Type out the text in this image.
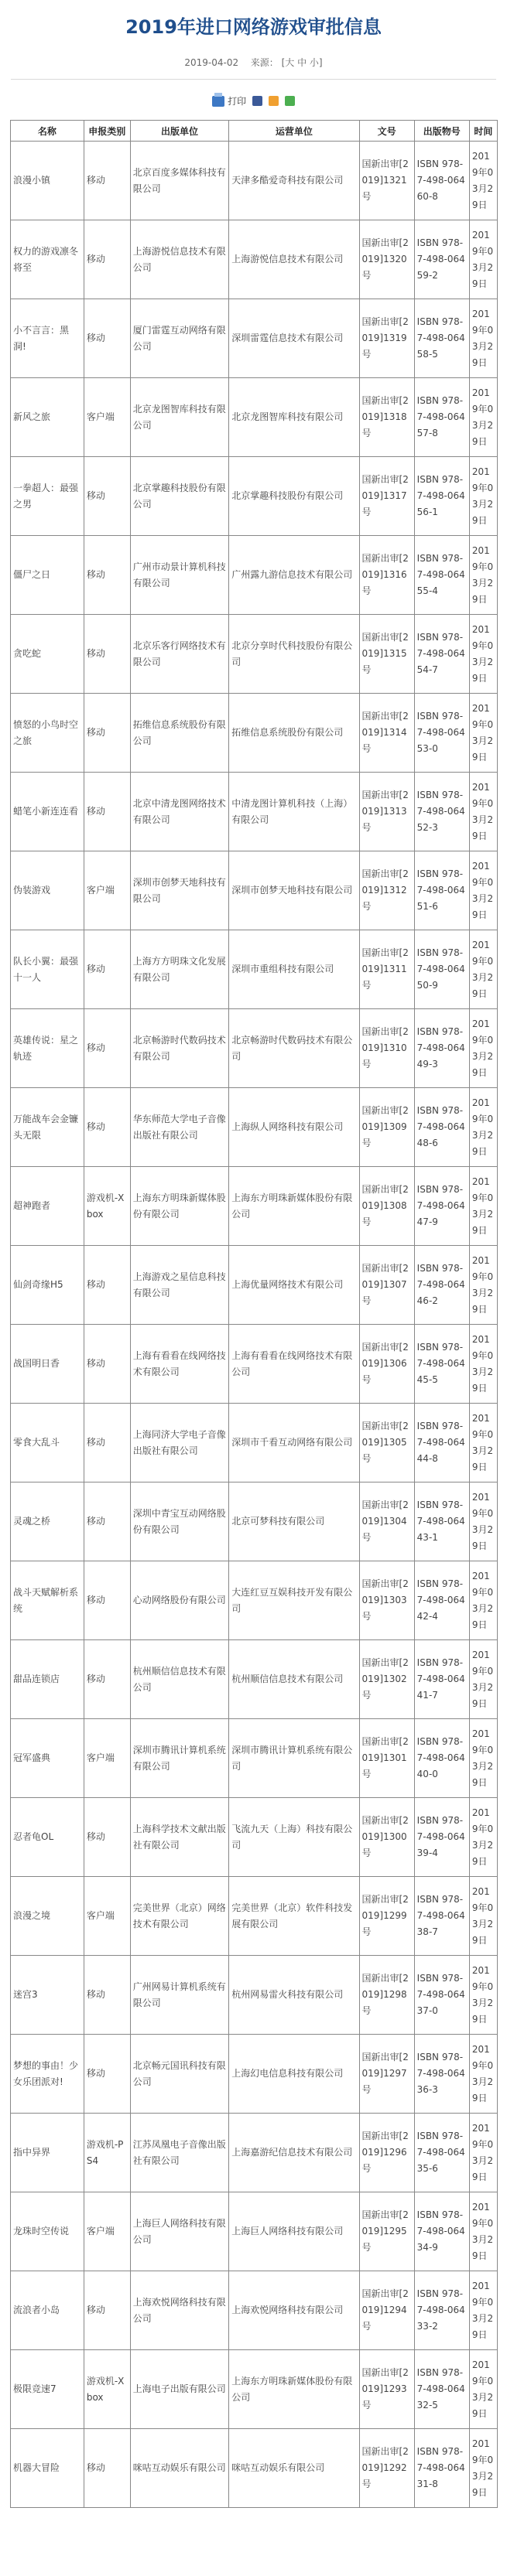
2019年进口网络游戏审批信息
2019-04-02 来源： [大 中 小]
打印
名称	申报类别	出版单位	运营单位	文号	出版物号	时间
浪漫小镇	移动	北京百度多媒体科技有限公司	天津多酷爱奇科技有限公司	国新出审[2019]1321号	ISBN 978-7-498-06460-8	2019年03月29日
权力的游戏凛冬将至	移动	上海游悦信息技术有限公司	上海游悦信息技术有限公司	国新出审[2019]1320号	ISBN 978-7-498-06459-2	2019年03月29日
小不言言：黑洞!	移动	厦门雷霆互动网络有限公司	深圳雷霆信息技术有限公司	国新出审[2019]1319号	ISBN 978-7-498-06458-5	2019年03月29日
新风之旅	客户端	北京龙图智库科技有限公司	北京龙图智库科技有限公司	国新出审[2019]1318号	ISBN 978-7-498-06457-8	2019年03月29日
一拳超人：最强之男	移动	北京掌趣科技股份有限公司	北京掌趣科技股份有限公司	国新出审[2019]1317号	ISBN 978-7-498-06456-1	2019年03月29日
僵尸之日	移动	广州市动景计算机科技有限公司	广州露九游信息技术有限公司	国新出审[2019]1316号	ISBN 978-7-498-06455-4	2019年03月29日
贪吃蛇	移动	北京乐客行网络技术有限公司	北京分享时代科技股份有限公司	国新出审[2019]1315号	ISBN 978-7-498-06454-7	2019年03月29日
愤怒的小鸟时空之旅	移动	拓维信息系统股份有限公司	拓维信息系统股份有限公司	国新出审[2019]1314号	ISBN 978-7-498-06453-0	2019年03月29日
蜡笔小新连连看	移动	北京中清龙图网络技术有限公司	中清龙图计算机科技（上海）有限公司	国新出审[2019]1313号	ISBN 978-7-498-06452-3	2019年03月29日
伪装游戏	客户端	深圳市创梦天地科技有限公司	深圳市创梦天地科技有限公司	国新出审[2019]1312号	ISBN 978-7-498-06451-6	2019年03月29日
队长小翼：最强十一人	移动	上海方方明珠文化发展有限公司	深圳市重组科技有限公司	国新出审[2019]1311号	ISBN 978-7-498-06450-9	2019年03月29日
英雄传说：星之轨迹	移动	北京畅游时代数码技术有限公司	北京畅游时代数码技术有限公司	国新出审[2019]1310号	ISBN 978-7-498-06449-3	2019年03月29日
万能战车会金镰头无限	移动	华东师范大学电子音像出版社有限公司	上海纵人网络科技有限公司	国新出审[2019]1309号	ISBN 978-7-498-06448-6	2019年03月29日
超神跑者	游戏机-Xbox	上海东方明珠新媒体股份有限公司	上海东方明珠新媒体股份有限公司	国新出审[2019]1308号	ISBN 978-7-498-06447-9	2019年03月29日
仙剑奇缘H5	移动	上海游戏之星信息科技有限公司	上海优量网络技术有限公司	国新出审[2019]1307号	ISBN 978-7-498-06446-2	2019年03月29日
战国明日香	移动	上海有看看在线网络技术有限公司	上海有看看在线网络技术有限公司	国新出审[2019]1306号	ISBN 978-7-498-06445-5	2019年03月29日
零食大乱斗	移动	上海同济大学电子音像出版社有限公司	深圳市千看互动网络有限公司	国新出审[2019]1305号	ISBN 978-7-498-06444-8	2019年03月29日
灵魂之桥	移动	深圳中青宝互动网络股份有限公司	北京可梦科技有限公司	国新出审[2019]1304号	ISBN 978-7-498-06443-1	2019年03月29日
战斗天赋解析系统	移动	心动网络股份有限公司	大连红豆互娱科技开发有限公司	国新出审[2019]1303号	ISBN 978-7-498-06442-4	2019年03月29日
甜品连锁店	移动	杭州顺信信息技术有限公司	杭州顺信信息技术有限公司	国新出审[2019]1302号	ISBN 978-7-498-06441-7	2019年03月29日
冠军盛典	客户端	深圳市腾讯计算机系统有限公司	深圳市腾讯计算机系统有限公司	国新出审[2019]1301号	ISBN 978-7-498-06440-0	2019年03月29日
忍者龟OL	移动	上海科学技术文献出版社有限公司	飞流九天（上海）科技有限公司	国新出审[2019]1300号	ISBN 978-7-498-06439-4	2019年03月29日
浪漫之境	客户端	完美世界（北京）网络技术有限公司	完美世界（北京）软件科技发展有限公司	国新出审[2019]1299号	ISBN 978-7-498-06438-7	2019年03月29日
迷宫3	移动	广州网易计算机系统有限公司	杭州网易雷火科技有限公司	国新出审[2019]1298号	ISBN 978-7-498-06437-0	2019年03月29日
梦想的事由！少女乐团派对!	移动	北京畅元国讯科技有限公司	上海幻电信息科技有限公司	国新出审[2019]1297号	ISBN 978-7-498-06436-3	2019年03月29日
指中异界	游戏机-PS4	江苏凤凰电子音像出版社有限公司	上海嘉游纪信息技术有限公司	国新出审[2019]1296号	ISBN 978-7-498-06435-6	2019年03月29日
龙珠时空传说	客户端	上海巨人网络科技有限公司	上海巨人网络科技有限公司	国新出审[2019]1295号	ISBN 978-7-498-06434-9	2019年03月29日
流浪者小岛	移动	上海欢悦网络科技有限公司	上海欢悦网络科技有限公司	国新出审[2019]1294号	ISBN 978-7-498-06433-2	2019年03月29日
极限竞速7	游戏机-Xbox	上海电子出版有限公司	上海东方明珠新媒体股份有限公司	国新出审[2019]1293号	ISBN 978-7-498-06432-5	2019年03月29日
机器大冒险	移动	咪咕互动娱乐有限公司	咪咕互动娱乐有限公司	国新出审[2019]1292号	ISBN 978-7-498-06431-8	2019年03月29日
